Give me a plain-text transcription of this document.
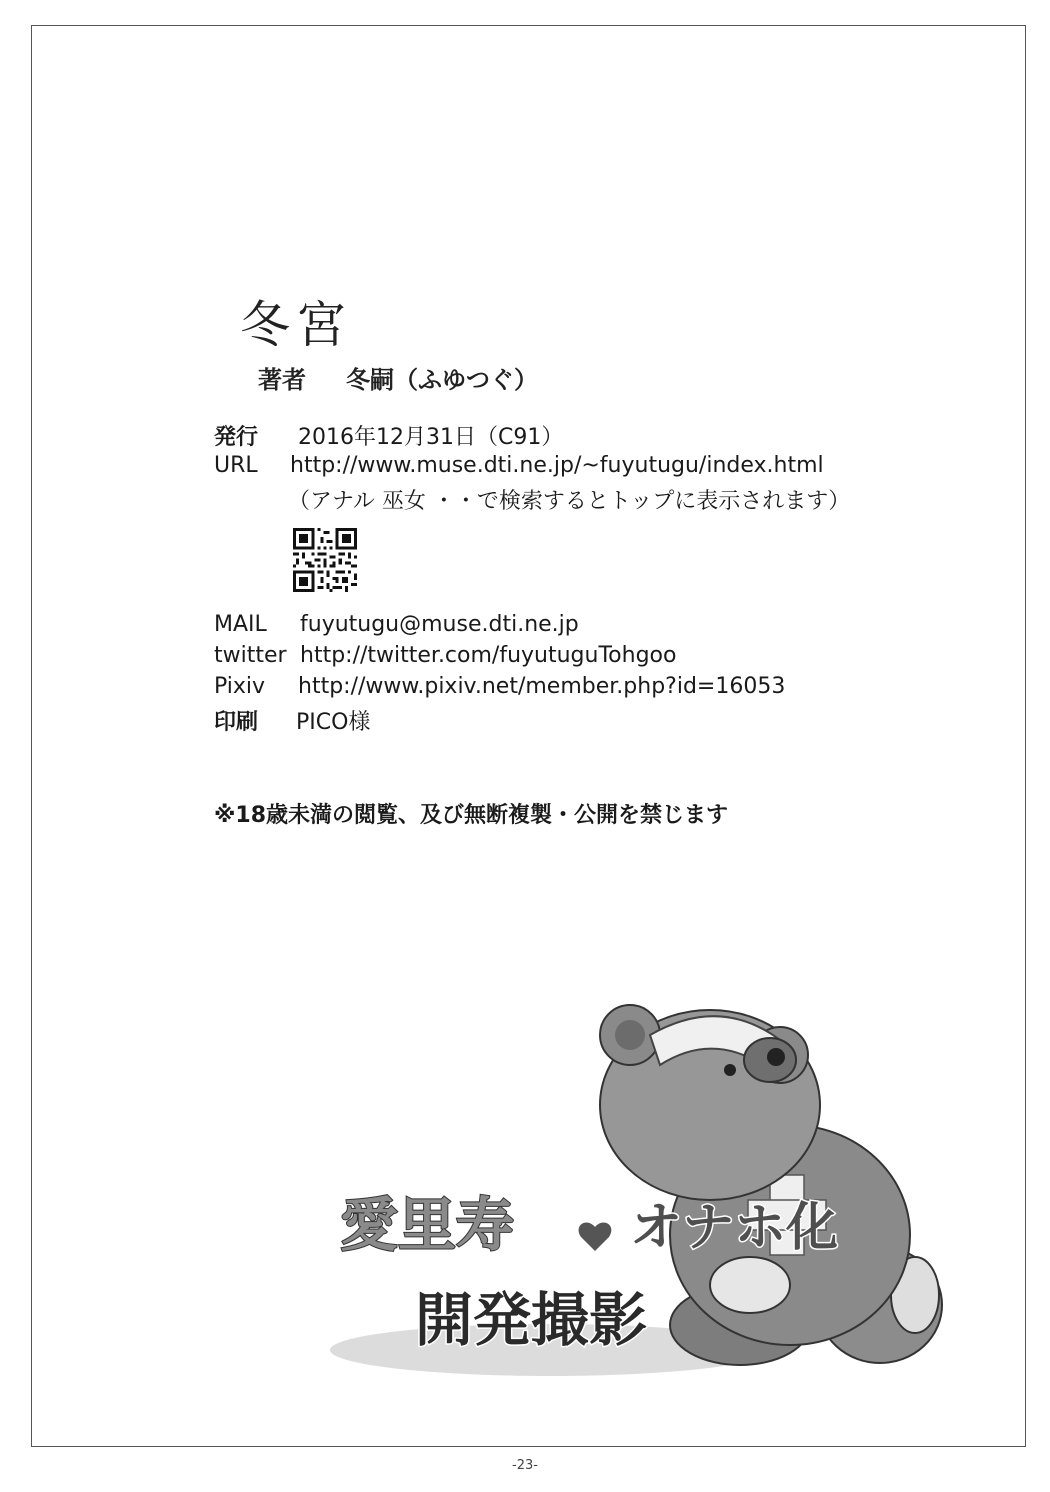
冬宮
著者 冬嗣（ふゆつぐ）
発行 2016年12月31日（C91）
URL http://www.muse.dti.ne.jp/~fuyutugu/index.html
（アナル 巫女 ・・で検索するとトップに表示されます）
MAIL fuyutugu@muse.dti.ne.jp
twitter http://twitter.com/fuyutuguTohgoo
Pixiv http://www.pixiv.net/member.php?id=16053
印刷 PICO様
※18歳未満の閲覧、及び無断複製・公開を禁じます
愛里寿 オナホ化
開発撮影
-23-
